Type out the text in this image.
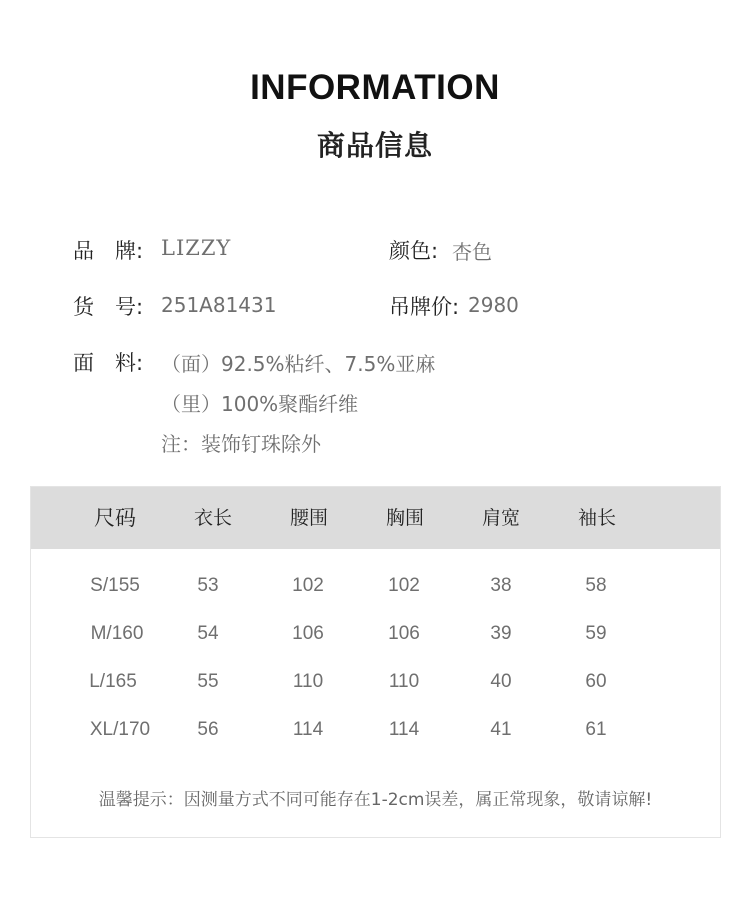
INFORMATION
商品信息
品　牌: LIZZY	颜色: 杏色
货　号: 251A81431	吊牌价: 2980
面　料: （面）92.5%粘纤、7.5%亚麻
（里）100%聚酯纤维
注：装饰钉珠除外
尺码	衣长	腰围	胸围	肩宽	袖长
S/155	53	102	102	38	58
M/160	54	106	106	39	59
L/165	55	110	110	40	60
XL/170	56	114	114	41	61
温馨提示：因测量方式不同可能存在1-2cm误差，属正常现象，敬请谅解!
